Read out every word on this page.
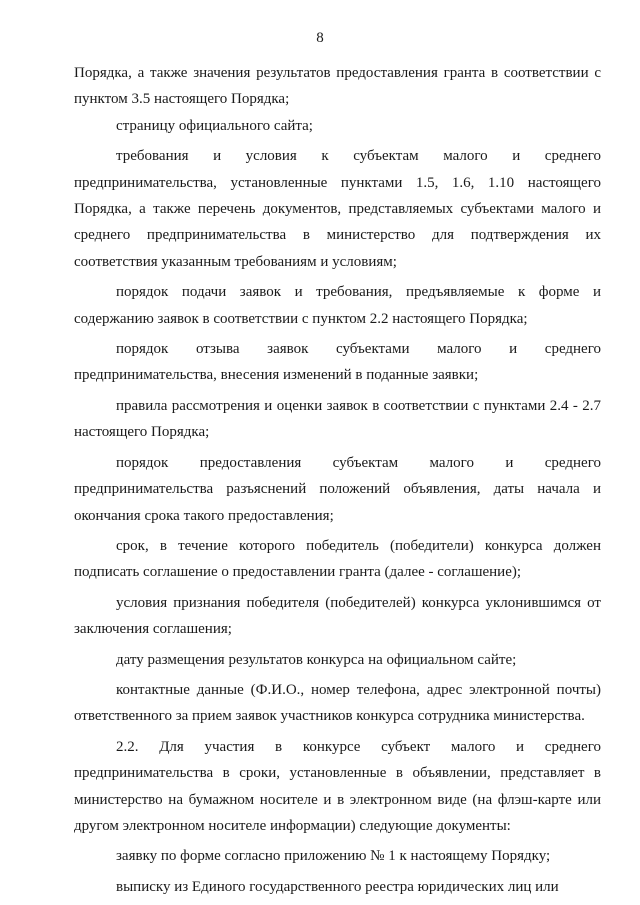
8

Порядка, а также значения результатов предоставления гранта в соответствии с пунктом 3.5 настоящего Порядка;

страницу официального сайта;

требования и условия к субъектам малого и среднего предпринимательства, установленные пунктами 1.5, 1.6, 1.10 настоящего Порядка, а также перечень документов, представляемых субъектами малого и среднего предпринимательства в министерство для подтверждения их соответствия указанным требованиям и условиям;

порядок подачи заявок и требования, предъявляемые к форме и содержанию заявок в соответствии с пунктом 2.2 настоящего Порядка;

порядок отзыва заявок субъектами малого и среднего предпринимательства, внесения изменений в поданные заявки;

правила рассмотрения и оценки заявок в соответствии с пунктами 2.4 - 2.7 настоящего Порядка;

порядок предоставления субъектам малого и среднего предпринимательства разъяснений положений объявления, даты начала и окончания срока такого предоставления;

срок, в течение которого победитель (победители) конкурса должен подписать соглашение о предоставлении гранта (далее - соглашение);

условия признания победителя (победителей) конкурса уклонившимся от заключения соглашения;

дату размещения результатов конкурса на официальном сайте;

контактные данные (Ф.И.О., номер телефона, адрес электронной почты) ответственного за прием заявок участников конкурса сотрудника министерства.

2.2. Для участия в конкурсе субъект малого и среднего предпринимательства в сроки, установленные в объявлении, представляет в министерство на бумажном носителе и в электронном виде (на флэш-карте или другом электронном носителе информации) следующие документы:

заявку по форме согласно приложению № 1 к настоящему Порядку;

выписку из Единого государственного реестра юридических лиц или
